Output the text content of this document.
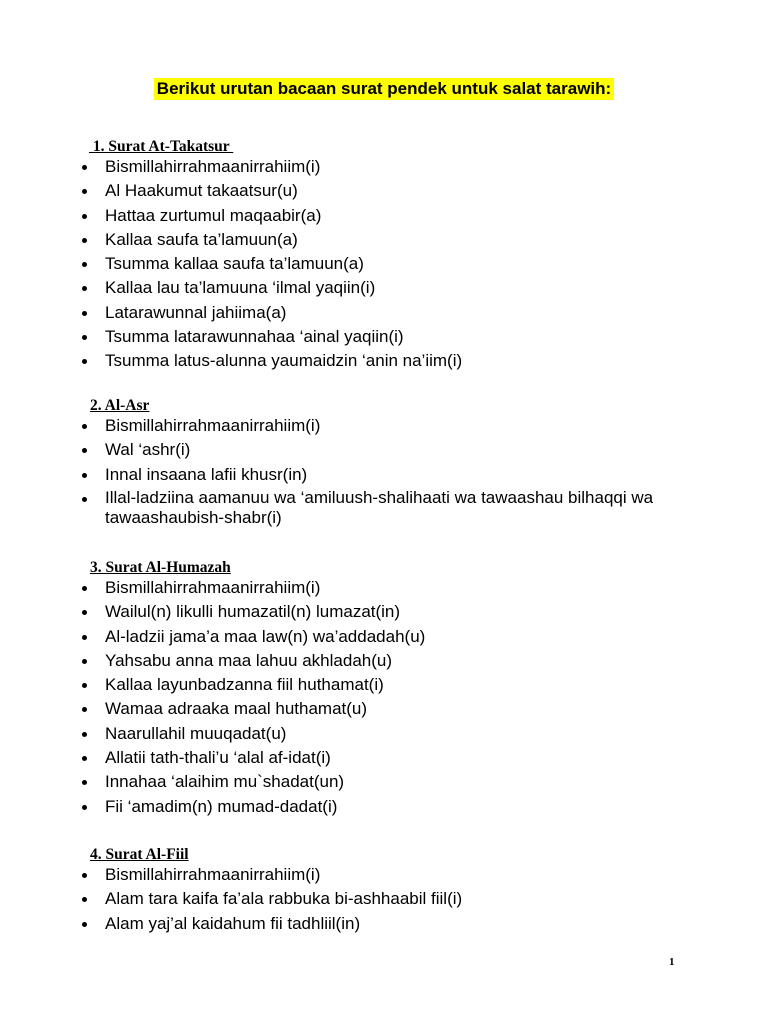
Berikut urutan bacaan surat pendek untuk salat tarawih:
1. Surat At-Takatsur
Bismillahirrahmaanirrahiim(i)
Al Haakumut takaatsur(u)
Hattaa zurtumul maqaabir(a)
Kallaa saufa ta’lamuun(a)
Tsumma kallaa saufa ta’lamuun(a)
Kallaa lau ta’lamuuna ‘ilmal yaqiin(i)
Latarawunnal jahiima(a)
Tsumma latarawunnahaa ‘ainal yaqiin(i)
Tsumma latus-alunna yaumaidzin ‘anin na’iim(i)
2. Al-Asr
Bismillahirrahmaanirrahiim(i)
Wal ‘ashr(i)
Innal insaana lafii khusr(in)
Illal-ladziina aamanuu wa ‘amiluush-shalihaati wa tawaashau bilhaqqi wa tawaashaubish-shabr(i)
3. Surat Al-Humazah
Bismillahirrahmaanirrahiim(i)
Wailul(n) likulli humazatil(n) lumazat(in)
Al-ladzii jama’a maa law(n) wa’addadah(u)
Yahsabu anna maa lahuu akhladah(u)
Kallaa layunbadzanna fiil huthamat(i)
Wamaa adraaka maal huthamat(u)
Naarullahil muuqadat(u)
Allatii tath-thali’u ‘alal af-idat(i)
Innahaa ‘alaihim mu`shadat(un)
Fii ‘amadim(n) mumad-dadat(i)
4. Surat Al-Fiil
Bismillahirrahmaanirrahiim(i)
Alam tara kaifa fa’ala rabbuka bi-ashhaabil fiil(i)
Alam yaj’al kaidahum fii tadhliil(in)
1
